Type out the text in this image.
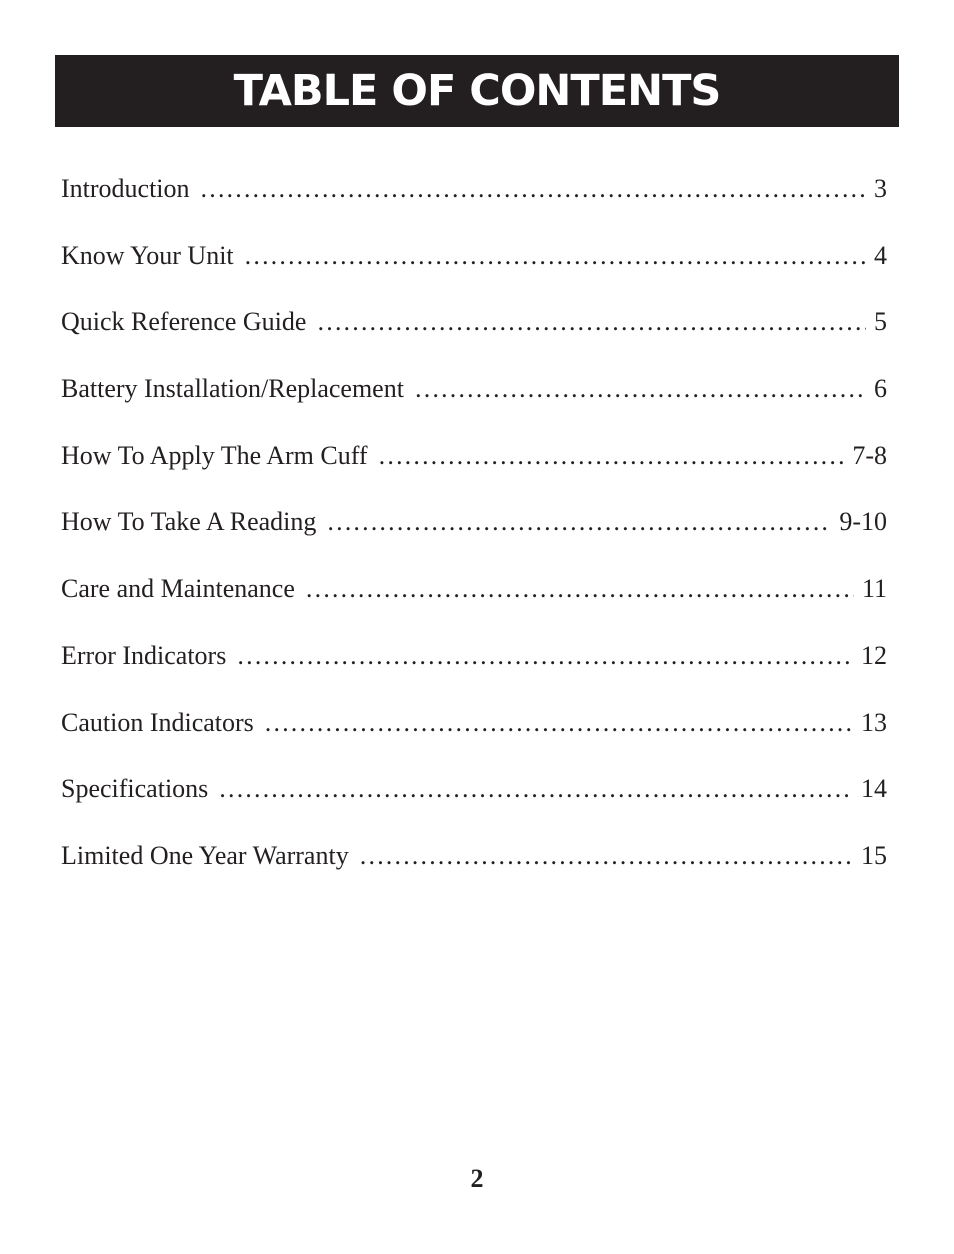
TABLE OF CONTENTS
Introduction …………………………………………………………………………………………………………………………………………………………………	3
Know Your Unit …………………………………………………………………………………………………………………………………………………………………	4
Quick Reference Guide …………………………………………………………………………………………………………………………………………………………………	5
Battery Installation/Replacement …………………………………………………………………………………………………………………………………………………………………	6
How To Apply The Arm Cuff …………………………………………………………………………………………………………………………………………………………………	7-8
How To Take A Reading …………………………………………………………………………………………………………………………………………………………………	9-10
Care and Maintenance …………………………………………………………………………………………………………………………………………………………………	11
Error Indicators …………………………………………………………………………………………………………………………………………………………………	12
Caution Indicators …………………………………………………………………………………………………………………………………………………………………	13
Specifications …………………………………………………………………………………………………………………………………………………………………	14
Limited One Year Warranty …………………………………………………………………………………………………………………………………………………………………	15
2
